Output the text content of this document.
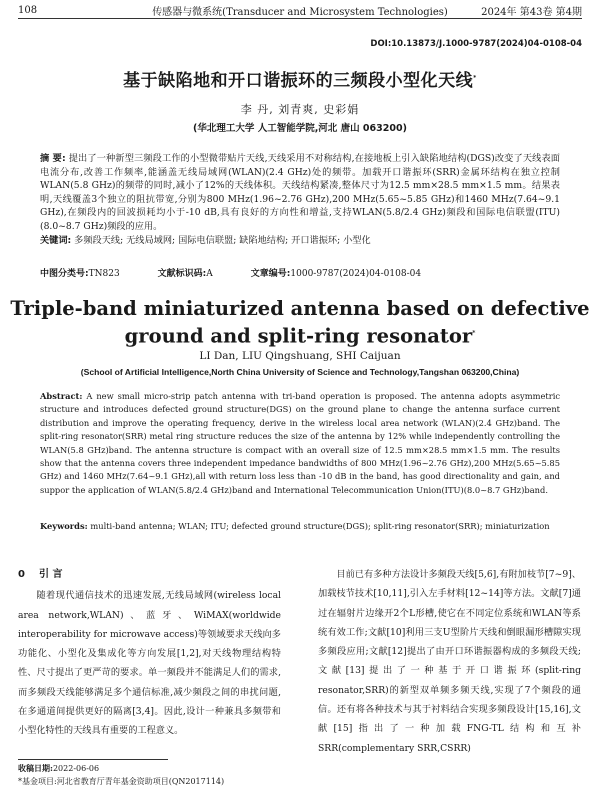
108	传感器与微系统(Transducer and Microsystem Technologies)	2024年 第43卷 第4期
DOI:10.13873/J.1000-9787(2024)04-0108-04
基于缺陷地和开口谐振环的三频段小型化天线*
李 丹, 刘青爽, 史彩娟
(华北理工大学 人工智能学院,河北 唐山 063200)
摘 要: 提出了一种新型三频段工作的小型微带贴片天线,天线采用不对称结构,在接地板上引入缺陷地结构(DGS)改变了天线表面电流分布,改善工作频率,能涵盖无线局域网(WLAN)(2.4 GHz)处的频带。加载开口谐振环(SRR)金属环结构在独立控制 WLAN(5.8 GHz)的频带的同时,减小了12%的天线体积。天线结构紧凑,整体尺寸为12.5 mm×28.5 mm×1.5 mm。结果表明,天线覆盖3个独立的阻抗带宽,分别为800 MHz(1.96~2.76 GHz),200 MHz(5.65~5.85 GHz)和1460 MHz(7.64~9.1 GHz),在频段内的回波损耗均小于-10 dB,具有良好的方向性和增益,支持WLAN(5.8/2.4 GHz)频段和国际电信联盟(ITU)(8.0~8.7 GHz)频段的应用。
关键词: 多频段天线; 无线局域网; 国际电信联盟; 缺陷地结构; 开口谐振环; 小型化
中图分类号:TN823	文献标识码:A	文章编号:1000-9787(2024)04-0108-04
Triple-band miniaturized antenna based on defective
ground and split-ring resonator*
LI Dan, LIU Qingshuang, SHI Caijuan
(School of Artificial Intelligence,North China University of Science and Technology,Tangshan 063200,China)
Abstract: A new small micro-strip patch antenna with tri-band operation is proposed. The antenna adopts asymmetric structure and introduces defected ground structure(DGS) on the ground plane to change the antenna surface current distribution and improve the operating frequency, derive in the wireless local area network (WLAN)(2.4 GHz)band. The split-ring resonator(SRR) metal ring structure reduces the size of the antenna by 12% while independently controlling the WLAN(5.8 GHz)band. The antenna structure is compact with an overall size of 12.5 mm×28.5 mm×1.5 mm. The results show that the antenna covers three independent impedance bandwidths of 800 MHz(1.96~2.76 GHz),200 MHz(5.65~5.85 GHz) and 1460 MHz(7.64~9.1 GHz),all with return loss less than -10 dB in the band, has good directionality and gain, and suppor the application of WLAN(5.8/2.4 GHz)band and International Telecommunication Union(ITU)(8.0~8.7 GHz)band.
Keywords: multi-band antenna; WLAN; ITU; defected ground structure(DGS); split-ring resonator(SRR); miniaturization
0 引 言
随着现代通信技术的迅速发展,无线局域网(wireless local area network,WLAN)、蓝牙、WiMAX(worldwide interoperability for microwave access)等领域要求天线向多功能化、小型化及集成化等方向发展[1,2],对天线物理结构特性、尺寸提出了更严苛的要求。单一频段并不能满足人们的需求,而多频段天线能够满足多个通信标准,减少频段之间的串扰问题,在多通道间提供更好的隔离[3,4]。因此,设计一种兼具多频带和小型化特性的天线具有重要的工程意义。
目前已有多种方法设计多频段天线[5,6],有附加枝节[7~9]、加载枝节技术[10,11],引入左手材料[12~14]等方法。文献[7]通过在辐射片边缘开2个L形槽,使它在不同定位系统和WLAN等系统有效工作;文献[10]利用三支U型阶片天线和倒眼漏形槽隙实现多频段应用;文献[12]提出了由开口环谐振器构成的多频段天线;文献[13]提出了一种基于开口谐振环(split-ring resonator,SRR)的新型双单频多频天线,实现了7个频段的通信。还有将各种技术与其于衬料结合实现多频段设计[15,16],文献[15]指出了一种加载FNG-TL结构和互补SRR(complementary SRR,CSRR)
收稿日期:2022-06-06
*基金项目:河北省教育厅青年基金资助项目(QN2017114)
